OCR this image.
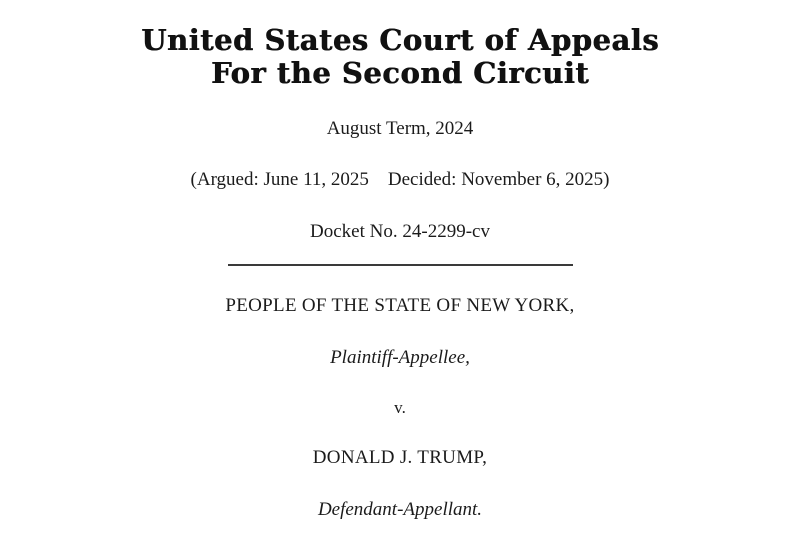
United States Court of Appeals
For the Second Circuit
August Term, 2024
(Argued: June 11, 2025    Decided: November 6, 2025)
Docket No. 24-2299-cv
PEOPLE OF THE STATE OF NEW YORK,
Plaintiff-Appellee,
v.
DONALD J. TRUMP,
Defendant-Appellant.
